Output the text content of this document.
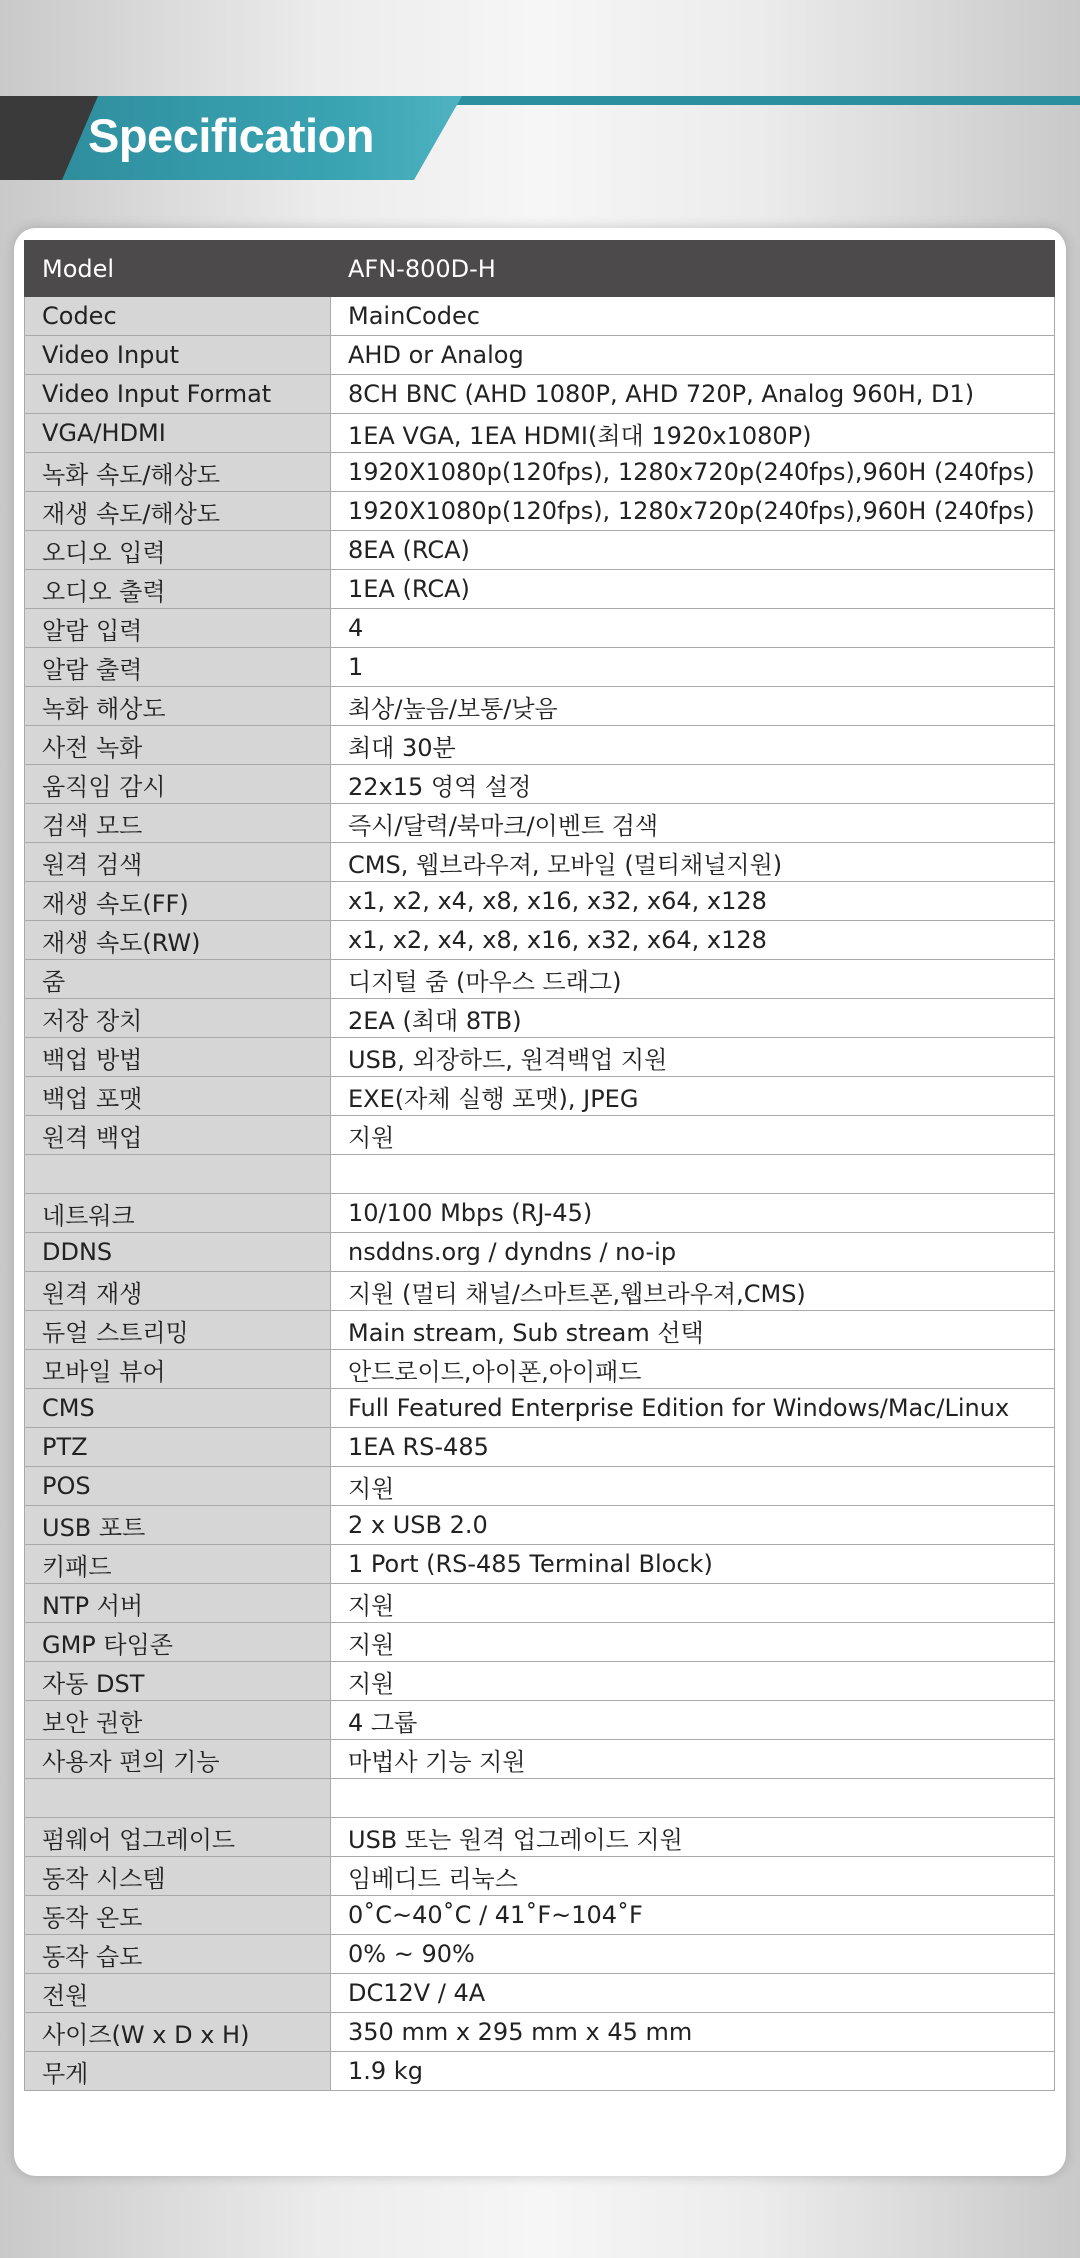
Specification
Model	AFN-800D-H
Codec	MainCodec
Video Input	AHD or Analog
Video Input Format	8CH BNC (AHD 1080P, AHD 720P, Analog 960H, D1)
VGA/HDMI	1EA VGA, 1EA HDMI(최대 1920x1080P)
녹화 속도/해상도	1920X1080p(120fps), 1280x720p(240fps),960H (240fps)
재생 속도/해상도	1920X1080p(120fps), 1280x720p(240fps),960H (240fps)
오디오 입력	8EA (RCA)
오디오 출력	1EA (RCA)
알람 입력	4
알람 출력	1
녹화 해상도	최상/높음/보통/낮음
사전 녹화	최대 30분
움직임 감시	22x15 영역 설정
검색 모드	즉시/달력/북마크/이벤트 검색
원격 검색	CMS, 웹브라우져, 모바일 (멀티채널지원)
재생 속도(FF)	x1, x2, x4, x8, x16, x32, x64, x128
재생 속도(RW)	x1, x2, x4, x8, x16, x32, x64, x128
줌	디지털 줌 (마우스 드래그)
저장 장치	2EA (최대 8TB)
백업 방법	USB, 외장하드, 원격백업 지원
백업 포맷	EXE(자체 실행 포맷), JPEG
원격 백업	지원

네트워크	10/100 Mbps (RJ-45)
DDNS	nsddns.org / dyndns / no-ip
원격 재생	지원 (멀티 채널/스마트폰,웹브라우져,CMS)
듀얼 스트리밍	Main stream, Sub stream 선택
모바일 뷰어	안드로이드,아이폰,아이패드
CMS	Full Featured Enterprise Edition for Windows/Mac/Linux
PTZ	1EA RS-485
POS	지원
USB 포트	2 x USB 2.0
키패드	1 Port (RS-485 Terminal Block)
NTP 서버	지원
GMP 타임존	지원
자동 DST	지원
보안 권한	4 그룹
사용자 편의 기능	마법사 기능 지원

펌웨어 업그레이드	USB 또는 원격 업그레이드 지원
동작 시스템	임베디드 리눅스
동작 온도	0˚C~40˚C / 41˚F~104˚F
동작 습도	0% ~ 90%
전원	DC12V / 4A
사이즈(W x D x H)	350 mm x 295 mm x 45 mm
무게	1.9 kg
